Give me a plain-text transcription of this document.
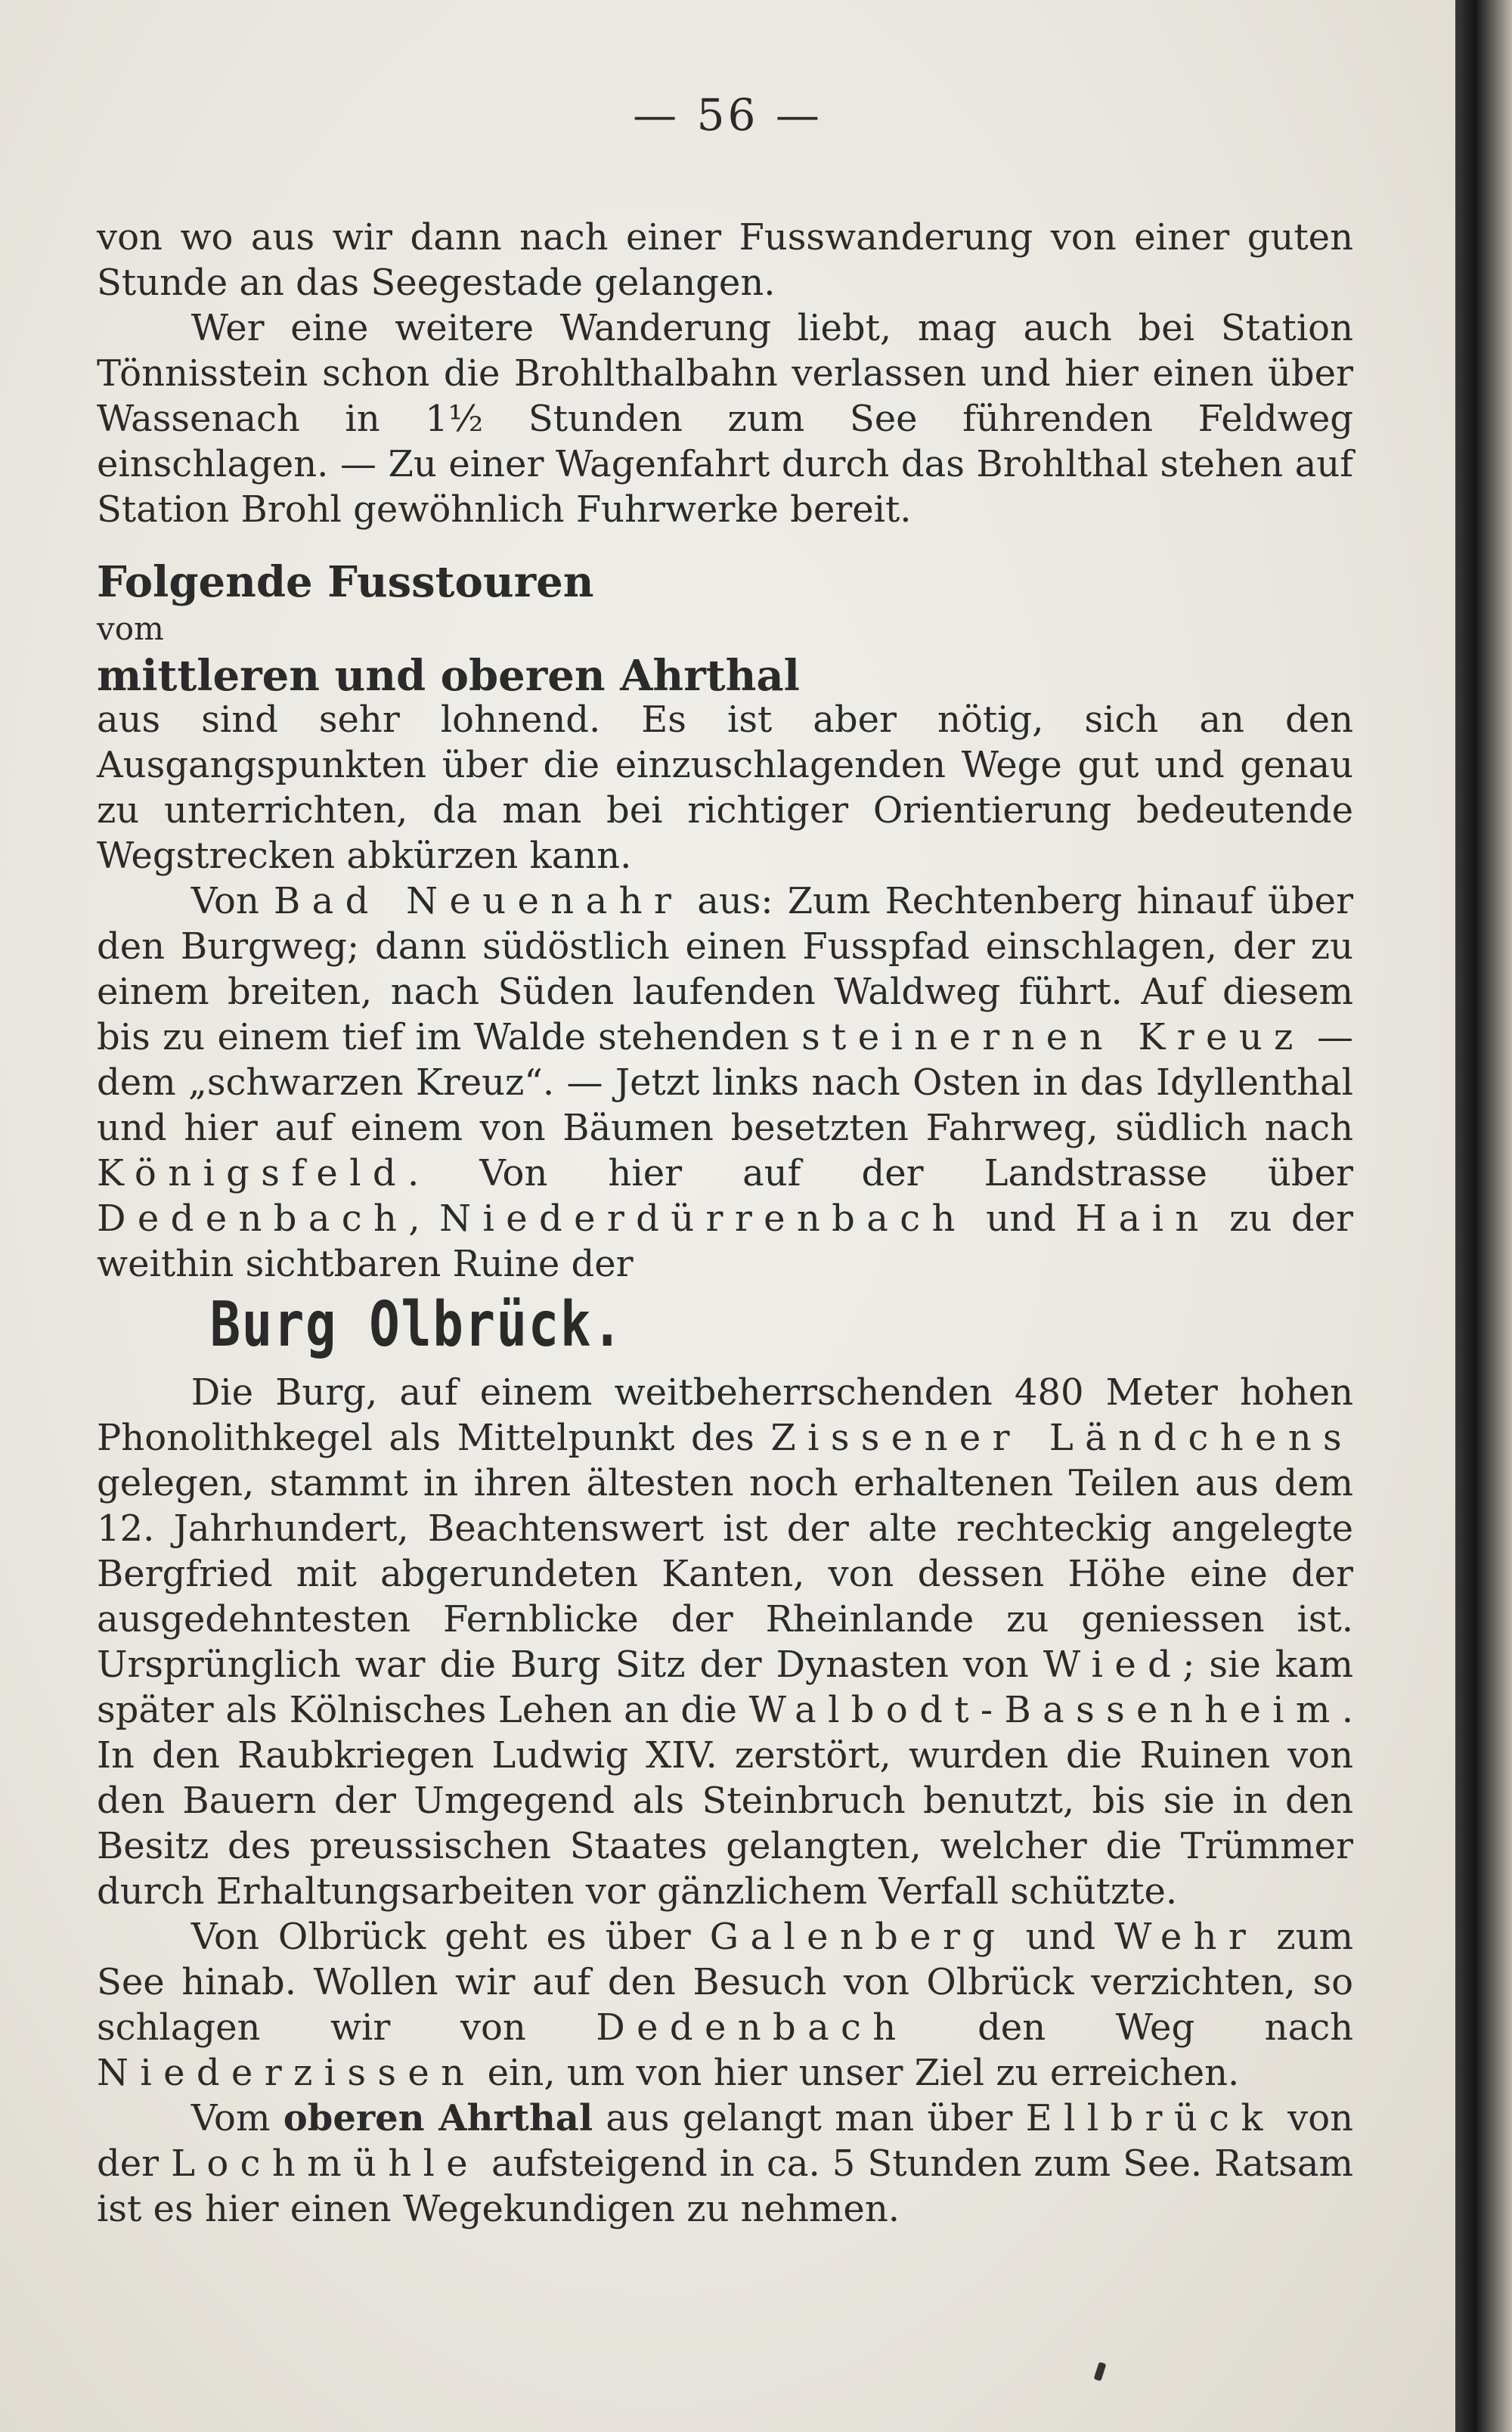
— 56 —

von wo aus wir dann nach einer Fusswanderung von einer guten Stunde an das Seegestade gelangen.

Wer eine weitere Wanderung liebt, mag auch bei Station Tönnisstein schon die Brohlthalbahn verlassen und hier einen über Wassenach in 1½ Stunden zum See führenden Feldweg einschlagen. — Zu einer Wagenfahrt durch das Brohlthal stehen auf Station Brohl gewöhnlich Fuhrwerke bereit.

Folgende Fusstouren

vom

mittleren und oberen Ahrthal

aus sind sehr lohnend. Es ist aber nötig, sich an den Ausgangspunkten über die einzuschlagenden Wege gut und genau zu unterrichten, da man bei richtiger Orientierung bedeutende Wegstrecken abkürzen kann.

Von Bad Neuenahr aus: Zum Rechtenberg hinauf über den Burgweg; dann südöstlich einen Fusspfad einschlagen, der zu einem breiten, nach Süden laufenden Waldweg führt. Auf diesem bis zu einem tief im Walde stehenden steinernen Kreuz — dem „schwarzen Kreuz“. — Jetzt links nach Osten in das Idyllenthal und hier auf einem von Bäumen besetzten Fahrweg, südlich nach Königsfeld. Von hier auf der Landstrasse über Dedenbach, Niederdürrenbach und Hain zu der weithin sichtbaren Ruine der

Burg Olbrück.

Die Burg, auf einem weitbeherrschenden 480 Meter hohen Phonolithkegel als Mittelpunkt des Zissener Ländchens gelegen, stammt in ihren ältesten noch erhaltenen Teilen aus dem 12. Jahrhundert, Beachtenswert ist der alte rechteckig angelegte Bergfried mit abgerundeten Kanten, von dessen Höhe eine der ausgedehntesten Fernblicke der Rheinlande zu geniessen ist. Ursprünglich war die Burg Sitz der Dynasten von Wied; sie kam später als Kölnisches Lehen an die Walbodt-Bassenheim. In den Raubkriegen Ludwig XIV. zerstört, wurden die Ruinen von den Bauern der Umgegend als Steinbruch benutzt, bis sie in den Besitz des preussischen Staates gelangten, welcher die Trümmer durch Erhaltungsarbeiten vor gänzlichem Verfall schützte.

Von Olbrück geht es über Galenberg und Wehr zum See hinab. Wollen wir auf den Besuch von Olbrück verzichten, so schlagen wir von Dedenbach den Weg nach Niederzissen ein, um von hier unser Ziel zu erreichen.

Vom oberen Ahrthal aus gelangt man über Ellbrück von der Lochmühle aufsteigend in ca. 5 Stunden zum See. Ratsam ist es hier einen Wegekundigen zu nehmen.
